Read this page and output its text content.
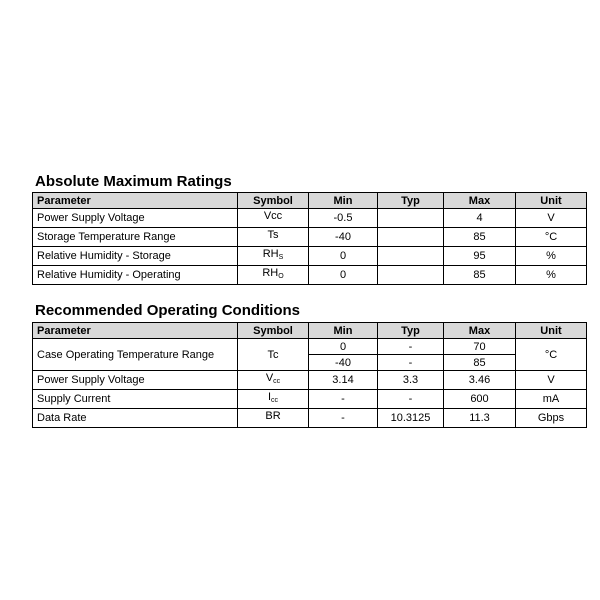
Absolute Maximum Ratings
Parameter	Symbol	Min	Typ	Max	Unit
Power Supply Voltage	Vcc	-0.5		4	V
Storage Temperature Range	Ts	-40		85	°C
Relative Humidity - Storage	$RH_S$	0		95	%
Relative Humidity - Operating	$RH_O$	0		85	%
Recommended Operating Conditions
Parameter	Symbol	Min	Typ	Max	Unit
Case Operating Temperature Range	Tc	0	-	70	°C
		-40	-	85	
Power Supply Voltage	$V_{cc}$	3.14	3.3	3.46	V
Supply Current	$I_{cc}$	-	-	600	mA
Data Rate	BR	-	10.3125	11.3	Gbps
